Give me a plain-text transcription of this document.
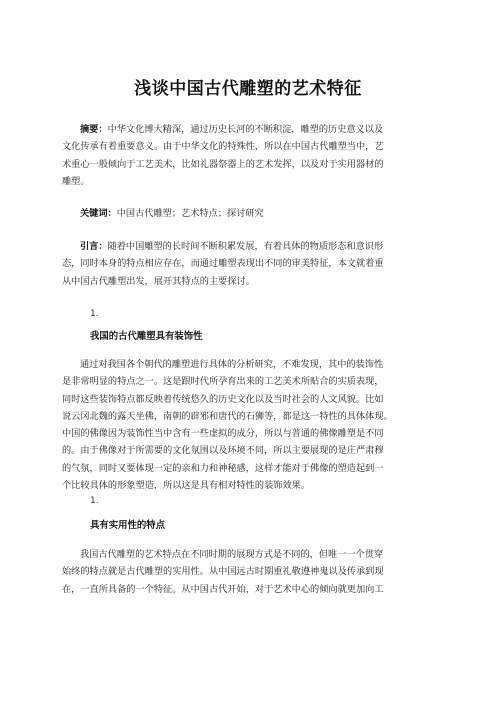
浅谈中国古代雕塑的艺术特征
摘要：中华文化博大精深，通过历史长河的不断积淀，雕塑的历史意义以及
文化传承有着重要意义。由于中华文化的特殊性，所以在中国古代雕塑当中，艺
术重心一般倾向于工艺美术，比如礼器祭器上的艺术发挥，以及对于实用器材的
雕塑。
关键词：中国古代雕塑；艺术特点；探讨研究
引言：随着中国雕塑的长时间不断积累发展，有着具体的物质形态和意识形
态，同时本身的特点相应存在，而通过雕塑表现出不同的审美特征，本文就着重
从中国古代雕塑出发，展开其特点的主要探讨。
1.
我国的古代雕塑具有装饰性
通过对我国各个朝代的雕塑进行具体的分析研究，不难发现，其中的装饰性
是非常明显的特点之一。这是跟时代所孕育出来的工艺美术所贴合的实质表现，
同时这些装饰特点都反映着传统悠久的历史文化以及当时社会的人文风貌。比如
说云冈北魏的露天坐佛，南朝的辟邪和唐代的石狮等，都是这一特性的具体体现。
中国的佛像因为装饰性当中含有一些虚拟的成分，所以与普通的佛像雕塑是不同
的。由于佛像对于所需要的文化氛围以及环境不同，所以主要展现的是庄严肃穆
的气氛，同时又要体现一定的亲和力和神秘感，这样才能对于佛像的塑造起到一
个比较具体的形象塑造，所以这是具有相对特性的装饰效果。
1.
具有实用性的特点
我国古代雕塑的艺术特点在不同时期的展现方式是不同的，但唯一一个贯穿
始终的特点就是古代雕塑的实用性。从中国远古时期重礼敬遵神鬼以及传承到现
在，一直所具备的一个特征。从中国古代开始，对于艺术中心的倾向就更加向工
